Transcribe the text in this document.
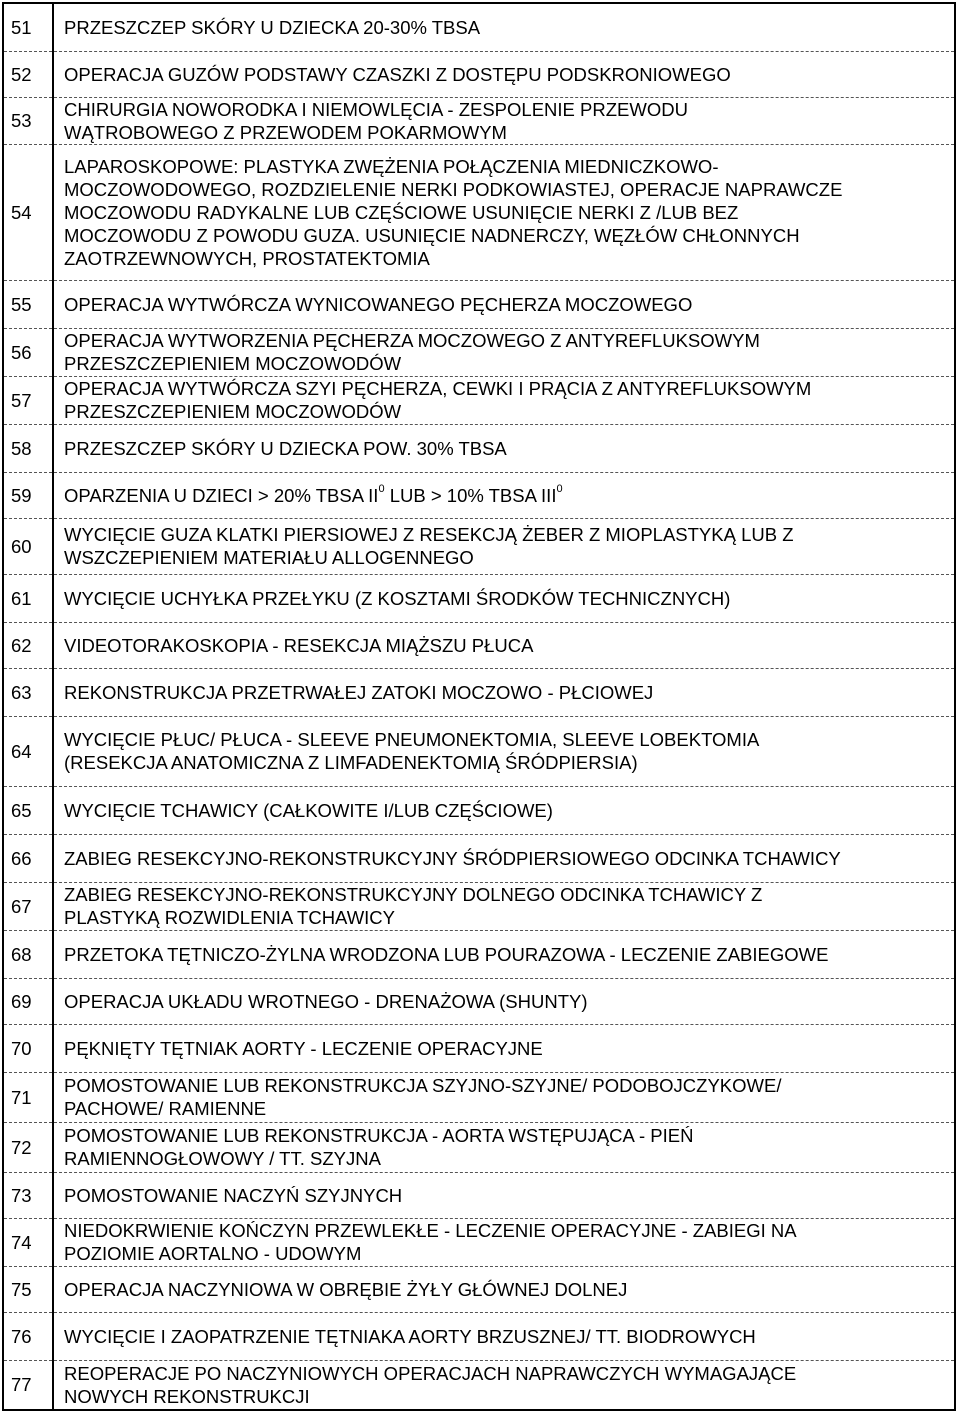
51	PRZESZCZEP SKÓRY U DZIECKA 20-30% TBSA

52	OPERACJA GUZÓW PODSTAWY CZASZKI Z DOSTĘPU PODSKRONIOWEGO

53	CHIRURGIA NOWORODKA I NIEMOWLĘCIA - ZESPOLENIE PRZEWODU
WĄTROBOWEGO Z PRZEWODEM POKARMOWYM

54	LAPAROSKOPOWE: PLASTYKA ZWĘŻENIA POŁĄCZENIA MIEDNICZKOWO-
MOCZOWODOWEGO, ROZDZIELENIE NERKI PODKOWIASTEJ, OPERACJE NAPRAWCZE
MOCZOWODU RADYKALNE LUB CZĘŚCIOWE USUNIĘCIE NERKI Z /LUB BEZ
MOCZOWODU Z POWODU GUZA. USUNIĘCIE NADNERCZY, WĘZŁÓW CHŁONNYCH
ZAOTRZEWNOWYCH, PROSTATEKTOMIA

55	OPERACJA WYTWÓRCZA WYNICOWANEGO PĘCHERZA MOCZOWEGO

56	OPERACJA WYTWORZENIA PĘCHERZA MOCZOWEGO Z ANTYREFLUKSOWYM
PRZESZCZEPIENIEM MOCZOWODÓW

57	OPERACJA WYTWÓRCZA SZYI PĘCHERZA, CEWKI I PRĄCIA Z ANTYREFLUKSOWYM
PRZESZCZEPIENIEM MOCZOWODÓW

58	PRZESZCZEP SKÓRY U DZIECKA POW. 30% TBSA

59	OPARZENIA U DZIECI > 20% TBSA $II^0$ LUB > 10% TBSA III$^0$
60	WYCIĘCIE GUZA KLATKI PIERSIOWEJ Z RESEKCJĄ ŻEBER Z MIOPLASTYKĄ LUB Z
WSZCZEPIENIEM MATERIAŁU ALLOGENNEGO

61	WYCIĘCIE UCHYŁKA PRZEŁYKU (Z KOSZTAMI ŚRODKÓW TECHNICZNYCH)

62	VIDEOTORAKOSKOPIA - RESEKCJA MIĄŻSZU PŁUCA

63	REKONSTRUKCJA PRZETRWAŁEJ ZATOKI MOCZOWO - PŁCIOWEJ

64	WYCIĘCIE PŁUC/ PŁUCA - SLEEVE PNEUMONEKTOMIA, SLEEVE LOBEKTOMIA
(RESEKCJA ANATOMICZNA Z LIMFADENEKTOMIĄ ŚRÓDPIERSIA)

65	WYCIĘCIE TCHAWICY (CAŁKOWITE I/LUB CZĘŚCIOWE)

66	ZABIEG RESEKCYJNO-REKONSTRUKCYJNY ŚRÓDPIERSIOWEGO ODCINKA TCHAWICY

67	ZABIEG RESEKCYJNO-REKONSTRUKCYJNY DOLNEGO ODCINKA TCHAWICY Z
PLASTYKĄ ROZWIDLENIA TCHAWICY

68	PRZETOKA TĘTNICZO-ŻYLNA WRODZONA LUB POURAZOWA - LECZENIE ZABIEGOWE

69	OPERACJA UKŁADU WROTNEGO - DRENAŻOWA (SHUNTY)

70	PĘKNIĘTY TĘTNIAK AORTY - LECZENIE OPERACYJNE

71	POMOSTOWANIE LUB REKONSTRUKCJA SZYJNO-SZYJNE/ PODOBOJCZYKOWE/
PACHOWE/ RAMIENNE

72	POMOSTOWANIE LUB REKONSTRUKCJA - AORTA WSTĘPUJĄCA - PIEŃ
RAMIENNOGŁOWOWY / TT. SZYJNA

73	POMOSTOWANIE NACZYŃ SZYJNYCH

74	NIEDOKRWIENIE KOŃCZYN PRZEWLEKŁE - LECZENIE OPERACYJNE - ZABIEGI NA
POZIOMIE AORTALNO - UDOWYM

75	OPERACJA NACZYNIOWA W OBRĘBIE ŻYŁY GŁÓWNEJ DOLNEJ

76	WYCIĘCIE I ZAOPATRZENIE TĘTNIAKA AORTY BRZUSZNEJ/ TT. BIODROWYCH

77	REOPERACJE PO NACZYNIOWYCH OPERACJACH NAPRAWCZYCH WYMAGAJĄCE
NOWYCH REKONSTRUKCJI
